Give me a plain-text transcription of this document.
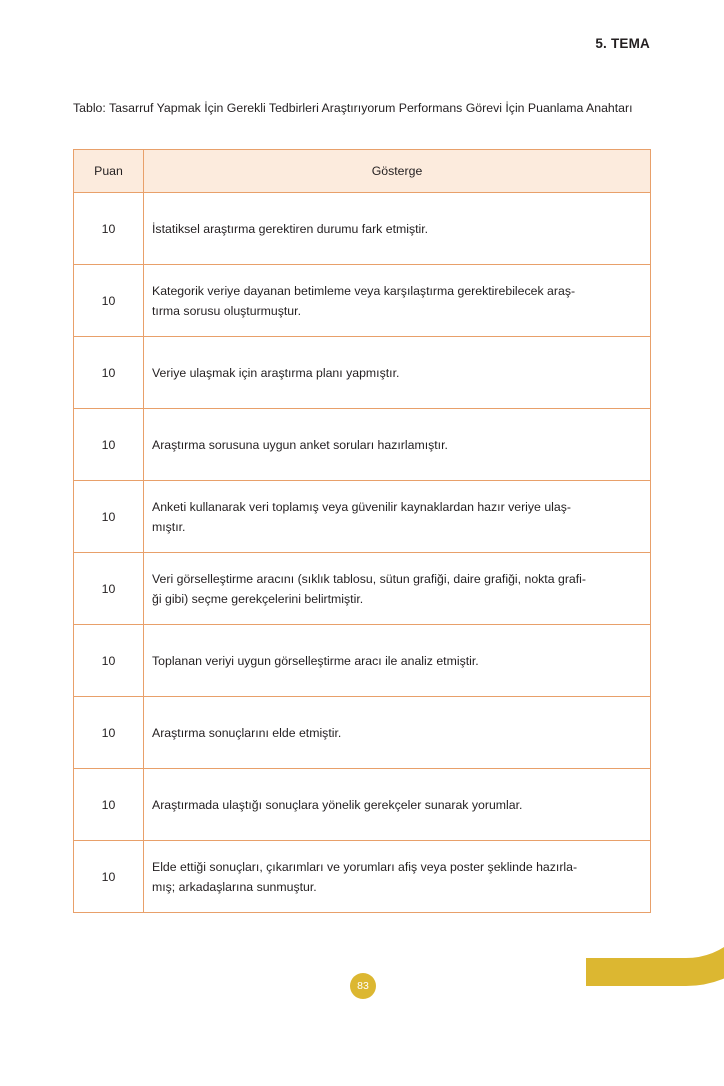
5. TEMA
Tablo: Tasarruf Yapmak İçin Gerekli Tedbirleri Araştırıyorum Performans Görevi İçin Puanlama Anahtarı
Puan	Gösterge
10	İstatiksel araştırma gerektiren durumu fark etmiştir.

10	Kategorik veriye dayanan betimleme veya karşılaştırma gerektirebilecek araş-
tırma sorusu oluşturmuştur.

10	Veriye ulaşmak için araştırma planı yapmıştır.

10	Araştırma sorusuna uygun anket soruları hazırlamıştır.

10	Anketi kullanarak veri toplamış veya güvenilir kaynaklardan hazır veriye ulaş-
mıştır.

10	Veri görselleştirme aracını (sıklık tablosu, sütun grafiği, daire grafiği, nokta grafi-
ği gibi) seçme gerekçelerini belirtmiştir.

10	Toplanan veriyi uygun görselleştirme aracı ile analiz etmiştir.

10	Araştırma sonuçlarını elde etmiştir.

10	Araştırmada ulaştığı sonuçlara yönelik gerekçeler sunarak yorumlar.

10	Elde ettiği sonuçları, çıkarımları ve yorumları afiş veya poster şeklinde hazırla-
mış; arkadaşlarına sunmuştur.
83
